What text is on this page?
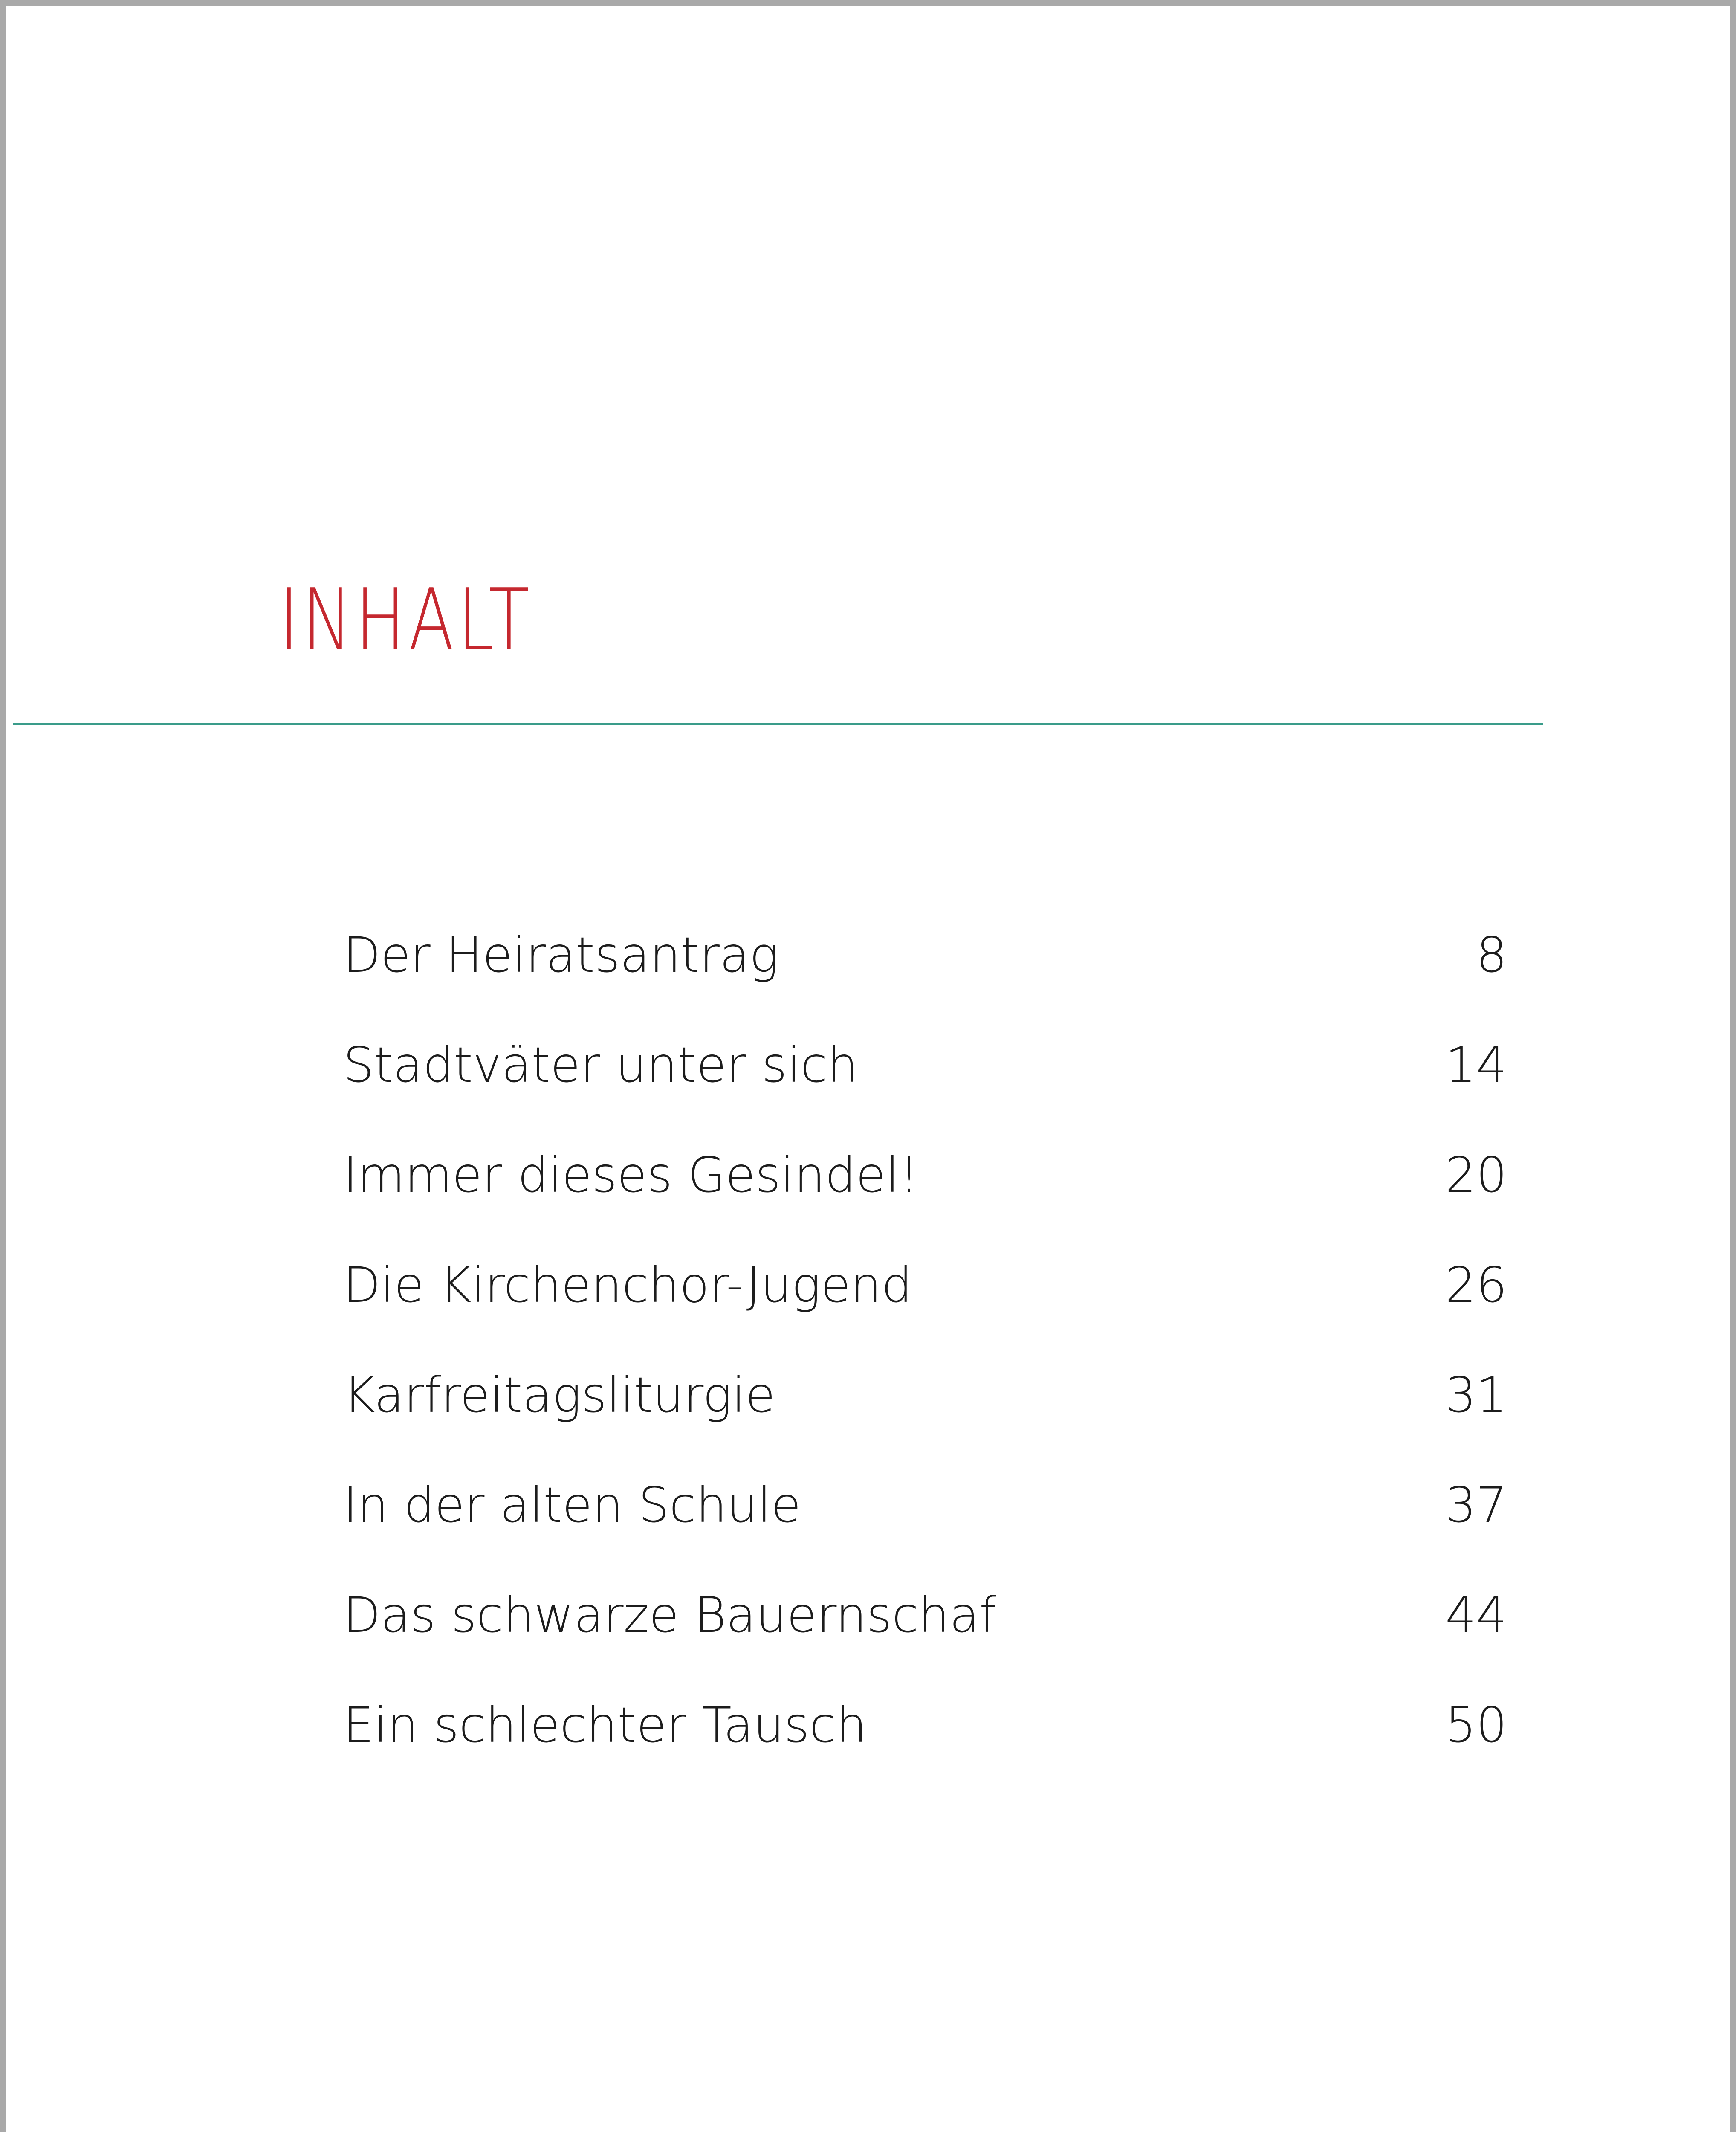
INHALT
Der Heiratsantrag	8
Stadtväter unter sich	14
Immer dieses Gesindel!	20
Die Kirchenchor-Jugend	26
Karfreitagsliturgie	31
In der alten Schule	37
Das schwarze Bauernschaf	44
Ein schlechter Tausch	50
